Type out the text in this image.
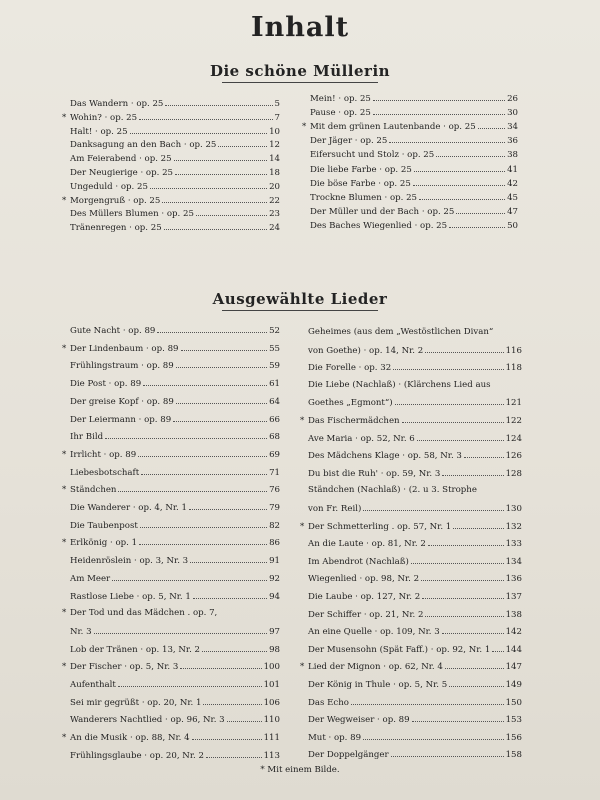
Inhalt
Die schöne Müllerin
Ausgewählte Lieder
* Mit einem Bilde.
Das Wandern · op. 25	5
* Wohin? · op. 25	7
Halt! · op. 25	10
Danksagung an den Bach · op. 25	12
Am Feierabend · op. 25	14
Der Neugierige · op. 25	18
Ungeduld · op. 25	20
* Morgengruß · op. 25	22
Des Müllers Blumen · op. 25	23
Tränenregen · op. 25	24
Mein! · op. 25	26
Pause · op. 25	30
* Mit dem grünen Lautenbande · op. 25	34
Der Jäger · op. 25	36
Eifersucht und Stolz · op. 25	38
Die liebe Farbe · op. 25	41
Die böse Farbe · op. 25	42
Trockne Blumen · op. 25	45
Der Müller und der Bach · op. 25	47
Des Baches Wiegenlied · op. 25	50
Gute Nacht · op. 89	52
* Der Lindenbaum · op. 89	55
Frühlingstraum · op. 89	59
Die Post · op. 89	61
Der greise Kopf · op. 89	64
Der Leiermann · op. 89	66
Ihr Bild	68
* Irrlicht · op. 89	69
Liebesbotschaft	71
* Ständchen	76
Die Wanderer · op. 4, Nr. 1	79
Die Taubenpost	82
* Erlkönig · op. 1	86
Heidenröslein · op. 3, Nr. 3	91
Am Meer	92
Rastlose Liebe · op. 5, Nr. 1	94
* Der Tod und das Mädchen . op. 7,
Nr. 3	97
Lob der Tränen · op. 13, Nr. 2	98
* Der Fischer · op. 5, Nr. 3	100
Aufenthalt	101
Sei mir gegrüßt · op. 20, Nr. 1	106
Wanderers Nachtlied · op. 96, Nr. 3	110
* An die Musik · op. 88, Nr. 4	111
Frühlingsglaube · op. 20, Nr. 2	113
Geheimes (aus dem „Westöstlichen Divan“
von Goethe) · op. 14, Nr. 2	116
Die Forelle · op. 32	118
Die Liebe (Nachlaß) · (Klärchens Lied aus
Goethes „Egmont“)	121
* Das Fischermädchen	122
Ave Maria · op. 52, Nr. 6	124
Des Mädchens Klage · op. 58, Nr. 3	126
Du bist die Ruh' · op. 59, Nr. 3	128
Ständchen (Nachlaß) · (2. u 3. Strophe
von Fr. Reil)	130
* Der Schmetterling . op. 57, Nr. 1	132
An die Laute · op. 81, Nr. 2	133
Im Abendrot (Nachlaß)	134
Wiegenlied · op. 98, Nr. 2	136
Die Laube · op. 127, Nr. 2	137
Der Schiffer · op. 21, Nr. 2	138
An eine Quelle · op. 109, Nr. 3	142
Der Musensohn (Spät Faff.) · op. 92, Nr. 1 144
* Lied der Mignon · op. 62, Nr. 4	147
Der König in Thule · op. 5, Nr. 5	149
Das Echo	150
Der Wegweiser · op. 89	153
Mut · op. 89	156
Der Doppelgänger	158
